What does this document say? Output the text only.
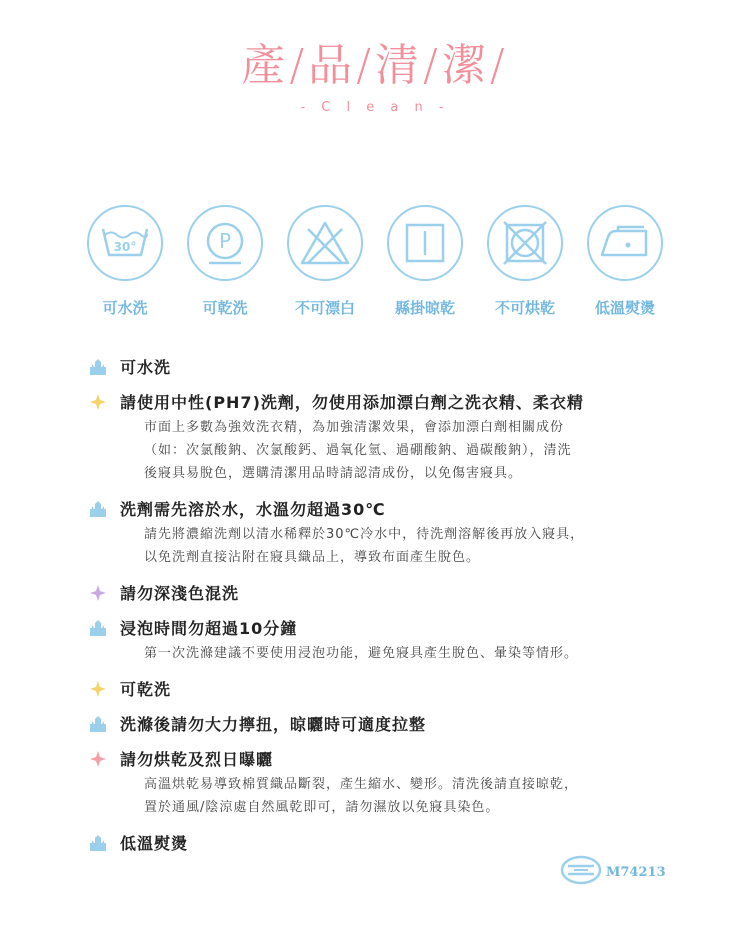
產/品/清/潔/
- C l e a n -
30°
可水洗
P
可乾洗	不可漂白	縣掛晾乾	不可烘乾	低溫熨燙
可水洗
請使用中性(PH7)洗劑，勿使用添加漂白劑之洗衣精、柔衣精
市面上多數為強效洗衣精，為加強清潔效果，會添加漂白劑相關成份
（如：次氯酸鈉、次氯酸鈣、過氧化氫、過硼酸鈉、過碳酸鈉），清洗
後寢具易脫色，選購清潔用品時請認清成份，以免傷害寢具。
洗劑需先溶於水，水溫勿超過30℃
請先將濃縮洗劑以清水稀釋於30℃冷水中，待洗劑溶解後再放入寢具，
以免洗劑直接沾附在寢具織品上，導致布面產生脫色。
請勿深淺色混洗
浸泡時間勿超過10分鐘
第一次洗滌建議不要使用浸泡功能，避免寢具產生脫色、暈染等情形。
可乾洗
洗滌後請勿大力擰扭，晾曬時可適度拉整
請勿烘乾及烈日曝曬
高溫烘乾易導致棉質織品斷裂，產生縮水、變形。清洗後請直接晾乾，
置於通風/陰涼處自然風乾即可，請勿濕放以免寢具染色。
低溫熨燙
M74213
